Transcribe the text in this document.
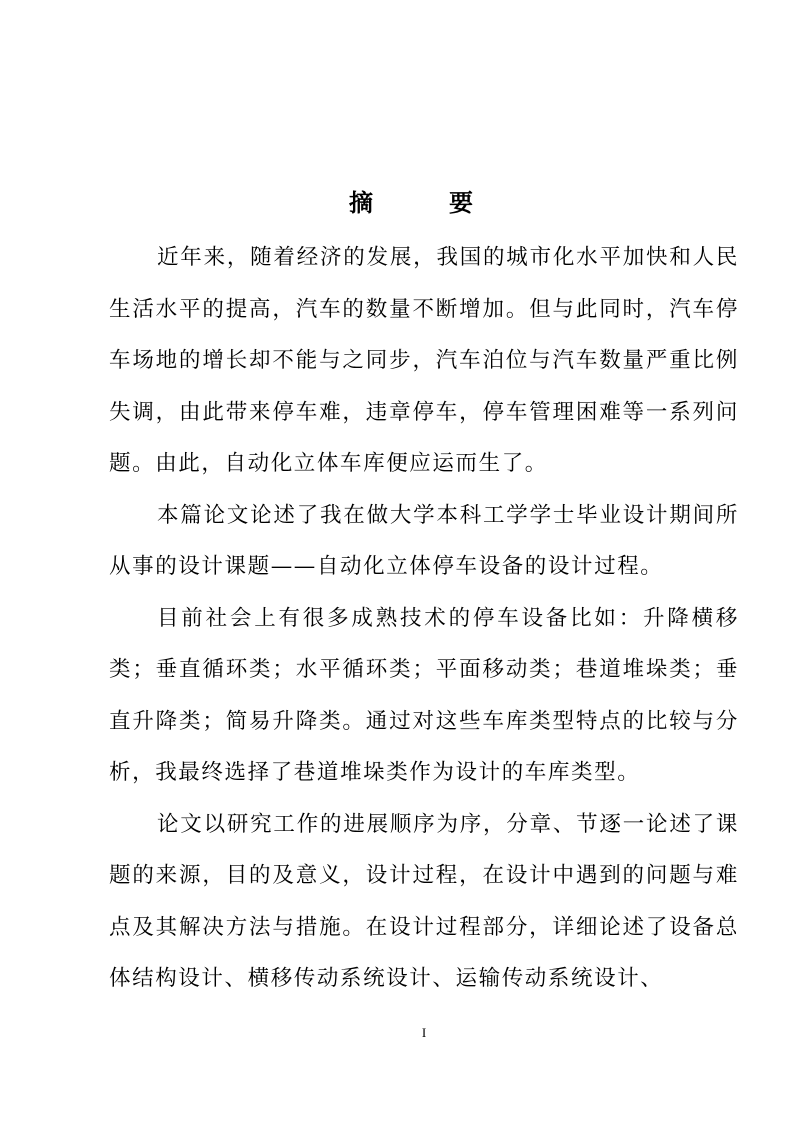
摘　要

近年来，随着经济的发展，我国的城市化水平加快和人民生活水平的提高，汽车的数量不断增加。但与此同时，汽车停车场地的增长却不能与之同步，汽车泊位与汽车数量严重比例失调，由此带来停车难，违章停车，停车管理困难等一系列问题。由此，自动化立体车库便应运而生了。

本篇论文论述了我在做大学本科工学学士毕业设计期间所从事的设计课题——自动化立体停车设备的设计过程。

目前社会上有很多成熟技术的停车设备比如：升降横移类；垂直循环类；水平循环类；平面移动类；巷道堆垛类；垂直升降类；简易升降类。通过对这些车库类型特点的比较与分析，我最终选择了巷道堆垛类作为设计的车库类型。

论文以研究工作的进展顺序为序，分章、节逐一论述了课题的来源，目的及意义，设计过程，在设计中遇到的问题与难点及其解决方法与措施。在设计过程部分，详细论述了设备总体结构设计、横移传动系统设计、运输传动系统设计、

I
